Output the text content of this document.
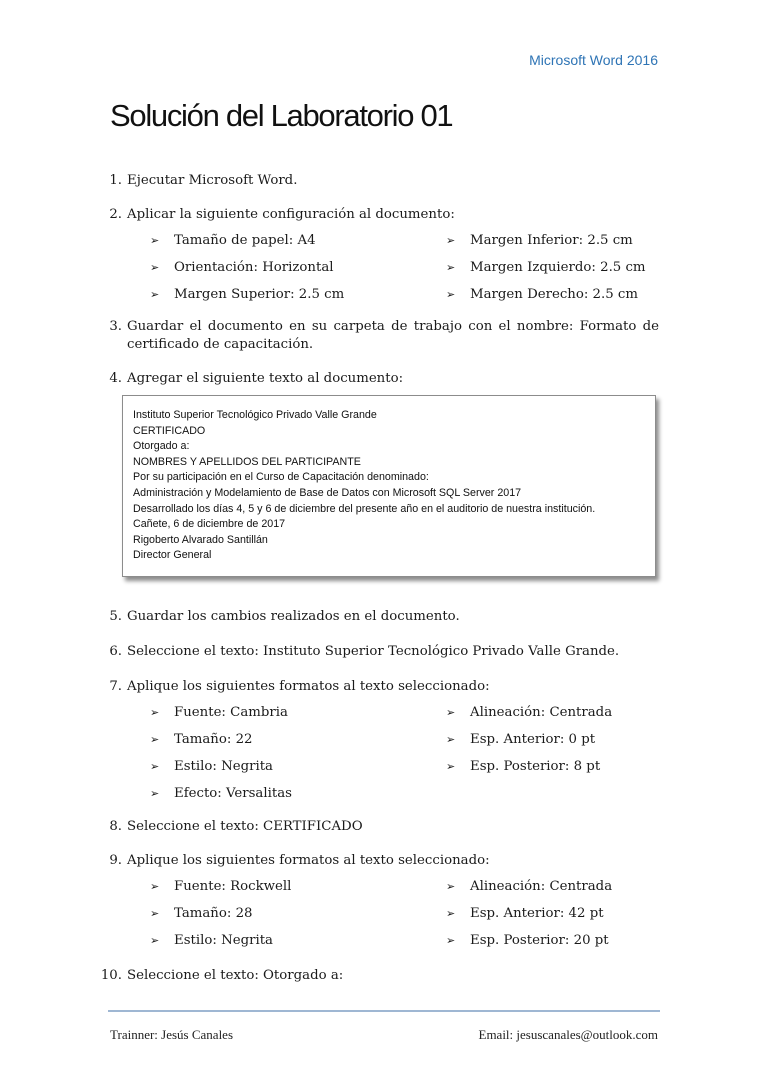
Microsoft Word 2016
Solución del Laboratorio 01
1. Ejecutar Microsoft Word.
2. Aplicar la siguiente configuración al documento:
➢ Tamaño de papel: A4
➢ Orientación: Horizontal
➢ Margen Superior: 2.5 cm
➢ Margen Inferior: 2.5 cm
➢ Margen Izquierdo: 2.5 cm
➢ Margen Derecho: 2.5 cm
3. Guardar el documento en su carpeta de trabajo con el nombre: Formato de certificado de capacitación.
4. Agregar el siguiente texto al documento:
Instituto Superior Tecnológico Privado Valle Grande
CERTIFICADO
Otorgado a:
NOMBRES Y APELLIDOS DEL PARTICIPANTE
Por su participación en el Curso de Capacitación denominado:
Administración y Modelamiento de Base de Datos con Microsoft SQL Server 2017
Desarrollado los días 4, 5 y 6 de diciembre del presente año en el auditorio de nuestra institución.
Cañete, 6 de diciembre de 2017
Rigoberto Alvarado Santillán
Director General
5. Guardar los cambios realizados en el documento.
6. Seleccione el texto: Instituto Superior Tecnológico Privado Valle Grande.
7. Aplique los siguientes formatos al texto seleccionado:
➢ Fuente: Cambria
➢ Tamaño: 22
➢ Estilo: Negrita
➢ Efecto: Versalitas
➢ Alineación: Centrada
➢ Esp. Anterior: 0 pt
➢ Esp. Posterior: 8 pt
8. Seleccione el texto: CERTIFICADO
9. Aplique los siguientes formatos al texto seleccionado:
➢ Fuente: Rockwell
➢ Tamaño: 28
➢ Estilo: Negrita
➢ Alineación: Centrada
➢ Esp. Anterior: 42 pt
➢ Esp. Posterior: 20 pt
10. Seleccione el texto: Otorgado a:
Trainner: Jesús Canales	Email: jesuscanales@outlook.com
